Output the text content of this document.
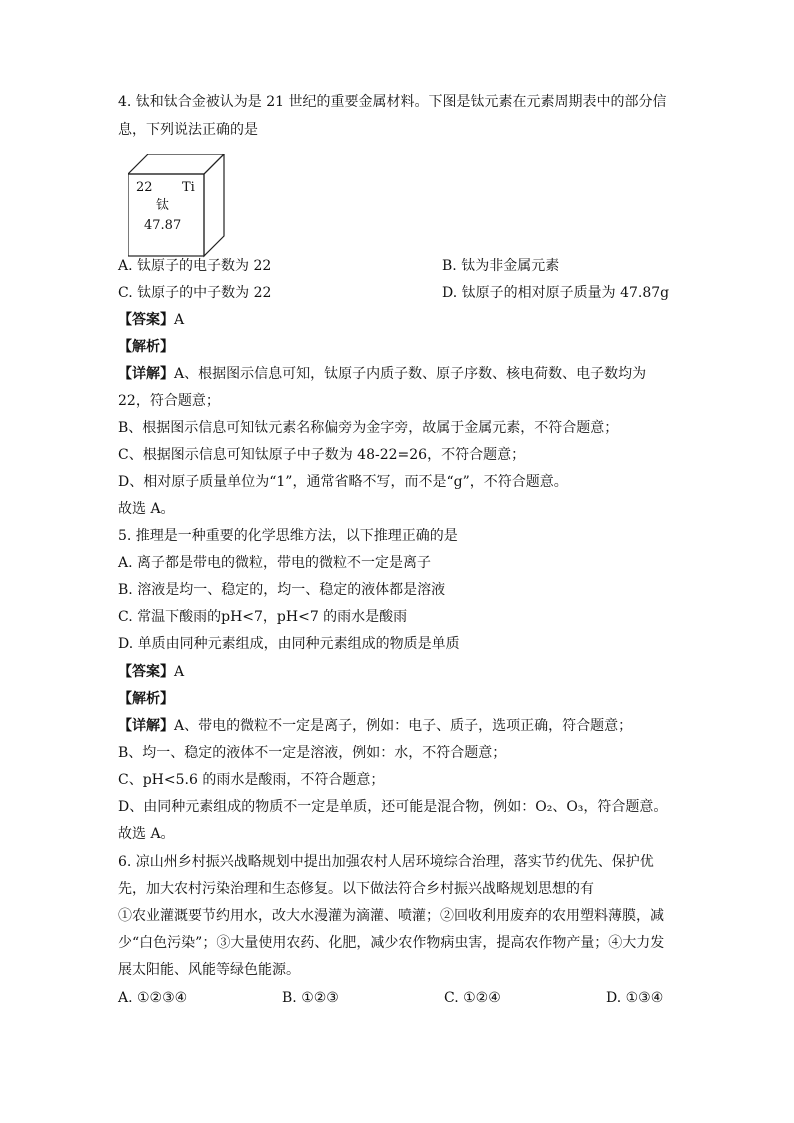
4. 钛和钛合金被认为是 21 世纪的重要金属材料。下图是钛元素在元素周期表中的部分信
息，下列说法正确的是
22 Ti
钛
47.87
A. 钛原子的电子数为 22	B. 钛为非金属元素
C. 钛原子的中子数为 22	D. 钛原子的相对原子质量为 47.87g
【答案】A
【解析】
【详解】A、根据图示信息可知，钛原子内质子数、原子序数、核电荷数、电子数均为
22，符合题意；
B、根据图示信息可知钛元素名称偏旁为金字旁，故属于金属元素，不符合题意；
C、根据图示信息可知钛原子中子数为 48-22=26，不符合题意；
D、相对原子质量单位为“1”，通常省略不写，而不是“g”，不符合题意。
故选 A。
5. 推理是一种重要的化学思维方法，以下推理正确的是
A. 离子都是带电的微粒，带电的微粒不一定是离子
B. 溶液是均一、稳定的，均一、稳定的液体都是溶液
C. 常温下酸雨的pH<7，pH<7 的雨水是酸雨
D. 单质由同种元素组成，由同种元素组成的物质是单质
【答案】A
【解析】
【详解】A、带电的微粒不一定是离子，例如：电子、质子，选项正确，符合题意；
B、均一、稳定的液体不一定是溶液，例如：水，不符合题意；
C、pH<5.6 的雨水是酸雨，不符合题意；
D、由同种元素组成的物质不一定是单质，还可能是混合物，例如：O₂、O₃，符合题意。
故选 A。
6. 凉山州乡村振兴战略规划中提出加强农村人居环境综合治理，落实节约优先、保护优
先，加大农村污染治理和生态修复。以下做法符合乡村振兴战略规划思想的有
①农业灌溉要节约用水，改大水漫灌为滴灌、喷灌；②回收利用废弃的农用塑料薄膜，减
少“白色污染”；③大量使用农药、化肥，减少农作物病虫害，提高农作物产量；④大力发
展太阳能、风能等绿色能源。
A. ①②③④	B. ①②③	C. ①②④	D. ①③④
